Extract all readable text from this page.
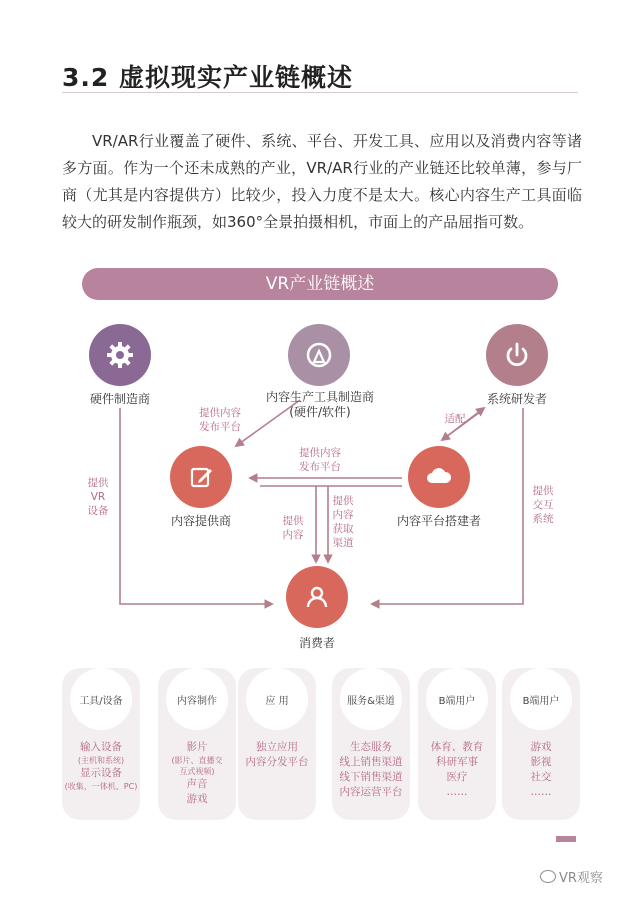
3.2 虚拟现实产业链概述
VR/AR行业覆盖了硬件、系统、平台、开发工具、应用以及消费内容等诸多方面。作为一个还未成熟的产业，VR/AR行业的产业链还比较单薄，参与厂商（尤其是内容提供方）比较少，投入力度不是太大。核心内容生产工具面临较大的研发制作瓶颈，如360°全景拍摄相机，市面上的产品屈指可数。
VR产业链概述
硬件制造商	内容生产工具制造商
(硬件/软件)
系统研发者
内容提供商	内容平台搭建者
消费者
提供内容
发布平台
适配
提供内容
发布平台
提供
VR
设备
提供
内容
提供
内容
获取
渠道
提供
交互
系统
工具/设备
输入设备
(主机和系统)
显示设备
(收集、一体机、PC)
内容制作
影片
(影片、直播交
互式视频)
声音
游戏
应 用
独立应用
内容分发平台
服务&渠道
生态服务
线上销售渠道
线下销售渠道
内容运营平台
B端用户
体育、教育
科研军事
医疗
……
B端用户
游戏
影视
社交
……
VR观察
